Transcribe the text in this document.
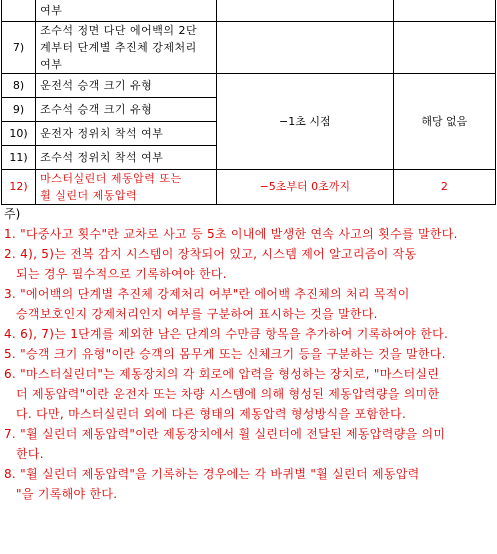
	여부		

7)	조수석 정면 다단 에어백의 2단
계부터 단계별 추진체 강제처리
여부		

8)	운전석 승객 크기 유형	−1초 시점	해당 없음
9)	조수석 승객 크기 유형		

10)	운전자 정위치 착석 여부		

11)	조수석 정위치 착석 여부		

12)	마스터실린더 제동압력 또는
휠 실린더 제동압력	−5초부터 0초까지	2
주)
1. "다중사고 횟수"란 교차로 사고 등 5초 이내에 발생한 연속 사고의 횟수를 말한다.
2. 4), 5)는 전복 감지 시스템이 장착되어 있고, 시스템 제어 알고리즘이 작동
되는 경우 필수적으로 기록하여야 한다.
3. "에어백의 단계별 추진체 강제처리 여부"란 에어백 추진체의 처리 목적이
승객보호인지 강제처리인지 여부를 구분하여 표시하는 것을 말한다.
4. 6), 7)는 1단계를 제외한 남은 단계의 수만큼 항목을 추가하여 기록하여야 한다.
5. "승객 크기 유형"이란 승객의 몸무게 또는 신체크기 등을 구분하는 것을 말한다.
6. "마스터실린더"는 제동장치의 각 회로에 압력을 형성하는 장치로, "마스터실린
더 제동압력"이란 운전자 또는 차량 시스템에 의해 형성된 제동압력량을 의미한
다. 다만, 마스터실린더 외에 다른 형태의 제동압력 형성방식을 포함한다.
7. "휠 실린더 제동압력"이란 제동장치에서 휠 실린더에 전달된 제동압력량을 의미
한다.
8. "휠 실린더 제동압력"을 기록하는 경우에는 각 바퀴별 "휠 실린더 제동압력
"을 기록해야 한다.
